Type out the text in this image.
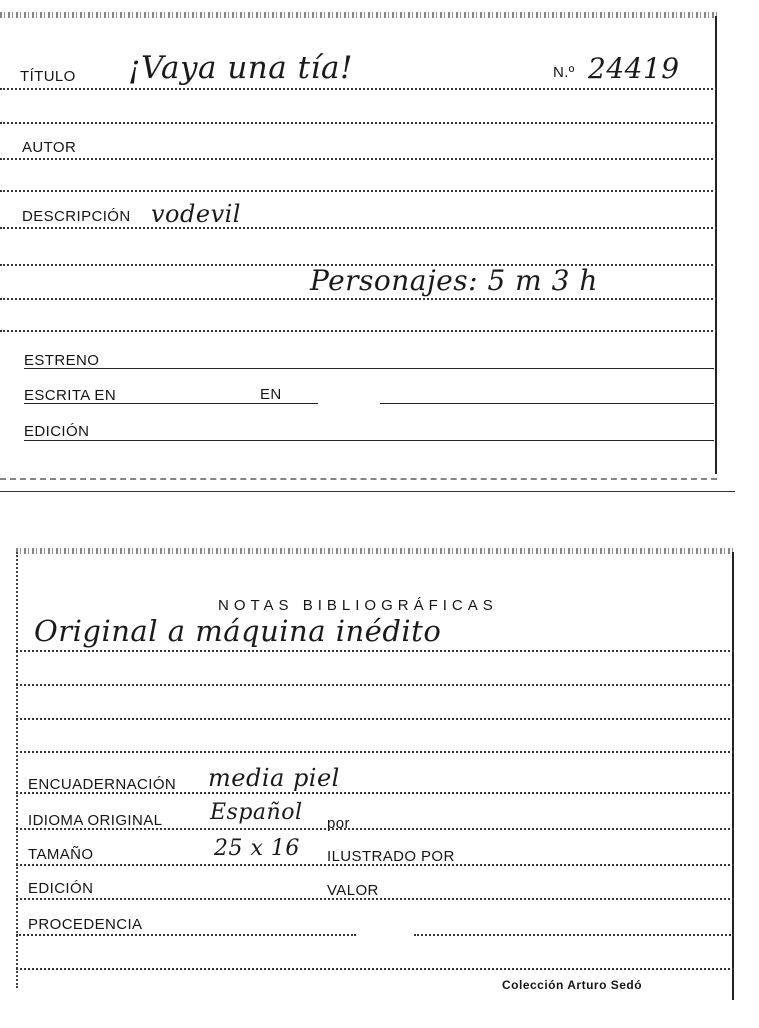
TÍTULO ¡Vaya una tía!	N.º 24419
AUTOR
DESCRIPCIÓN vodevil
Personajes: 5 m 3 h
ESTRENO
ESCRITA EN	EN
EDICIÓN
NOTAS BIBLIOGRÁFICAS
Original a máquina inédito
ENCUADERNACIÓN media piel
IDIOMA ORIGINAL Español por
TAMAÑO	25 x 16 ILUSTRADO POR
EDICIÓN	VALOR
PROCEDENCIA
Colección Arturo Sedó
